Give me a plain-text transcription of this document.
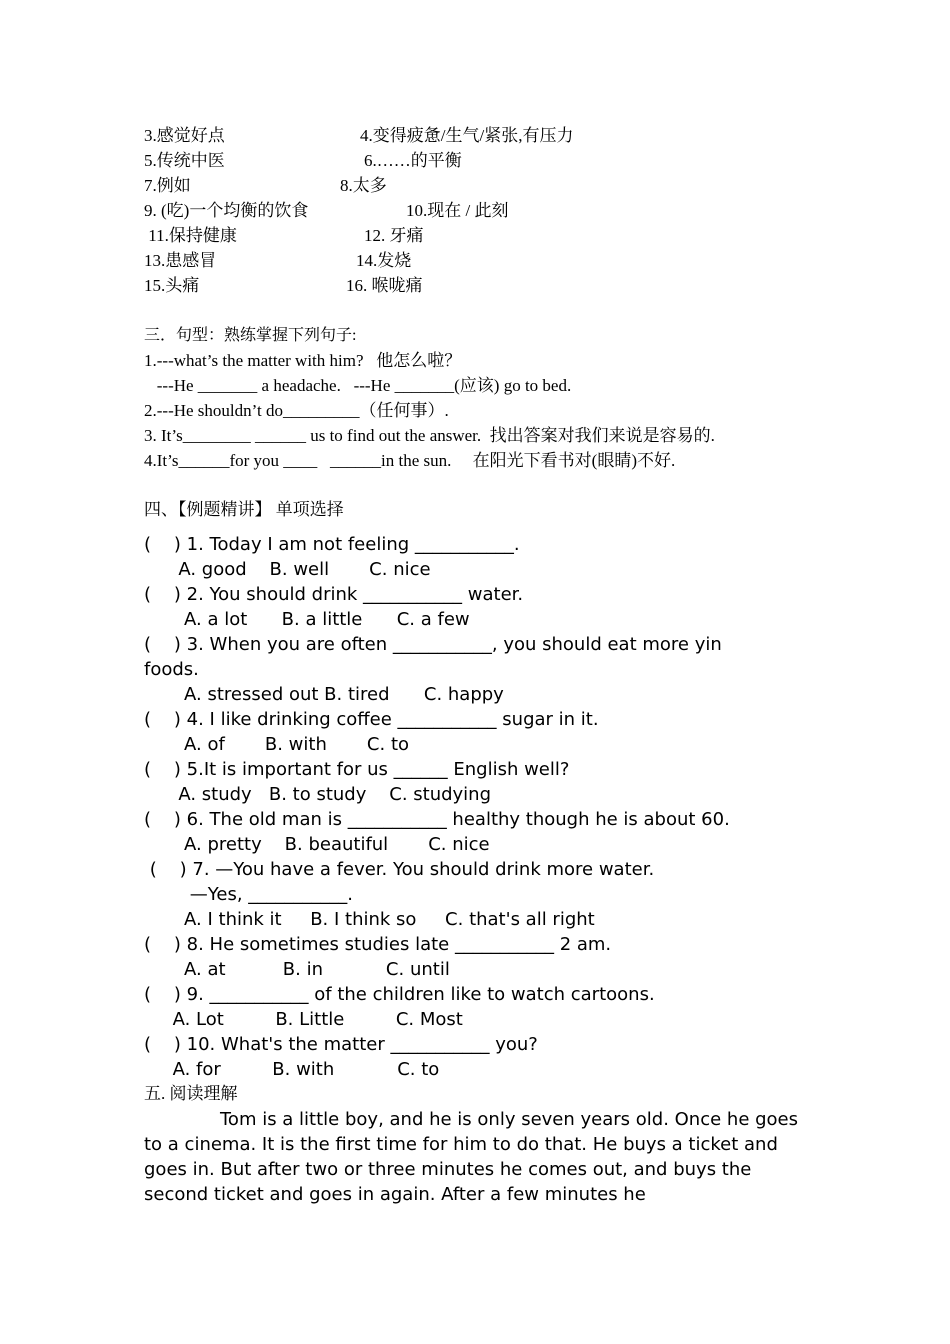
3.感觉好点	4.变得疲惫/生气/紧张,有压力
5.传统中医	6.……的平衡
7.例如	8.太多
9. (吃)一个均衡的饮食	10.现在 / 此刻
11.保持健康	12. 牙痛
13.患感冒	14.发烧
15.头痛	16. 喉咙痛
三．句型：熟练掌握下列句子:
1.---what’s the matter with him?   他怎么啦？
---He _______ a headache.   ---He _______(应该) go to bed.
2.---He shouldn’t do_________（任何事）.
3. It’s________ ______ us to find out the answer.  找出答案对我们来说是容易的.
4.It’s______for you ____   ______in the sun.     在阳光下看书对(眼睛)不好.
四、【例题精讲】 单项选择
(    ) 1. Today I am not feeling ___________.
A. good    B. well       C. nice
(    ) 2. You should drink ___________ water.
A. a lot      B. a little      C. a few
(    ) 3. When you are often ___________, you should eat more yin
foods.
A. stressed out B. tired      C. happy
(    ) 4. I like drinking coffee ___________ sugar in it.
A. of       B. with       C. to
(    ) 5.It is important for us ______ English well?
A. study   B. to study    C. studying
(    ) 6. The old man is ___________ healthy though he is about 60.
A. pretty    B. beautiful       C. nice
(    ) 7. —You have a fever. You should drink more water.
—Yes, ___________.
A. I think it     B. I think so     C. that's all right
(    ) 8. He sometimes studies late ___________ 2 am.
A. at          B. in           C. until
(    ) 9. ___________ of the children like to watch cartoons.
A. Lot         B. Little         C. Most
(    ) 10. What's the matter ___________ you?
A. for         B. with           C. to
五. 阅读理解
Tom is a little boy, and he is only seven years old. Once he goes to a cinema. It is the first time for him to do that. He buys a ticket and goes in. But after two or three minutes he comes out, and buys the second ticket and goes in again. After a few minutes he
